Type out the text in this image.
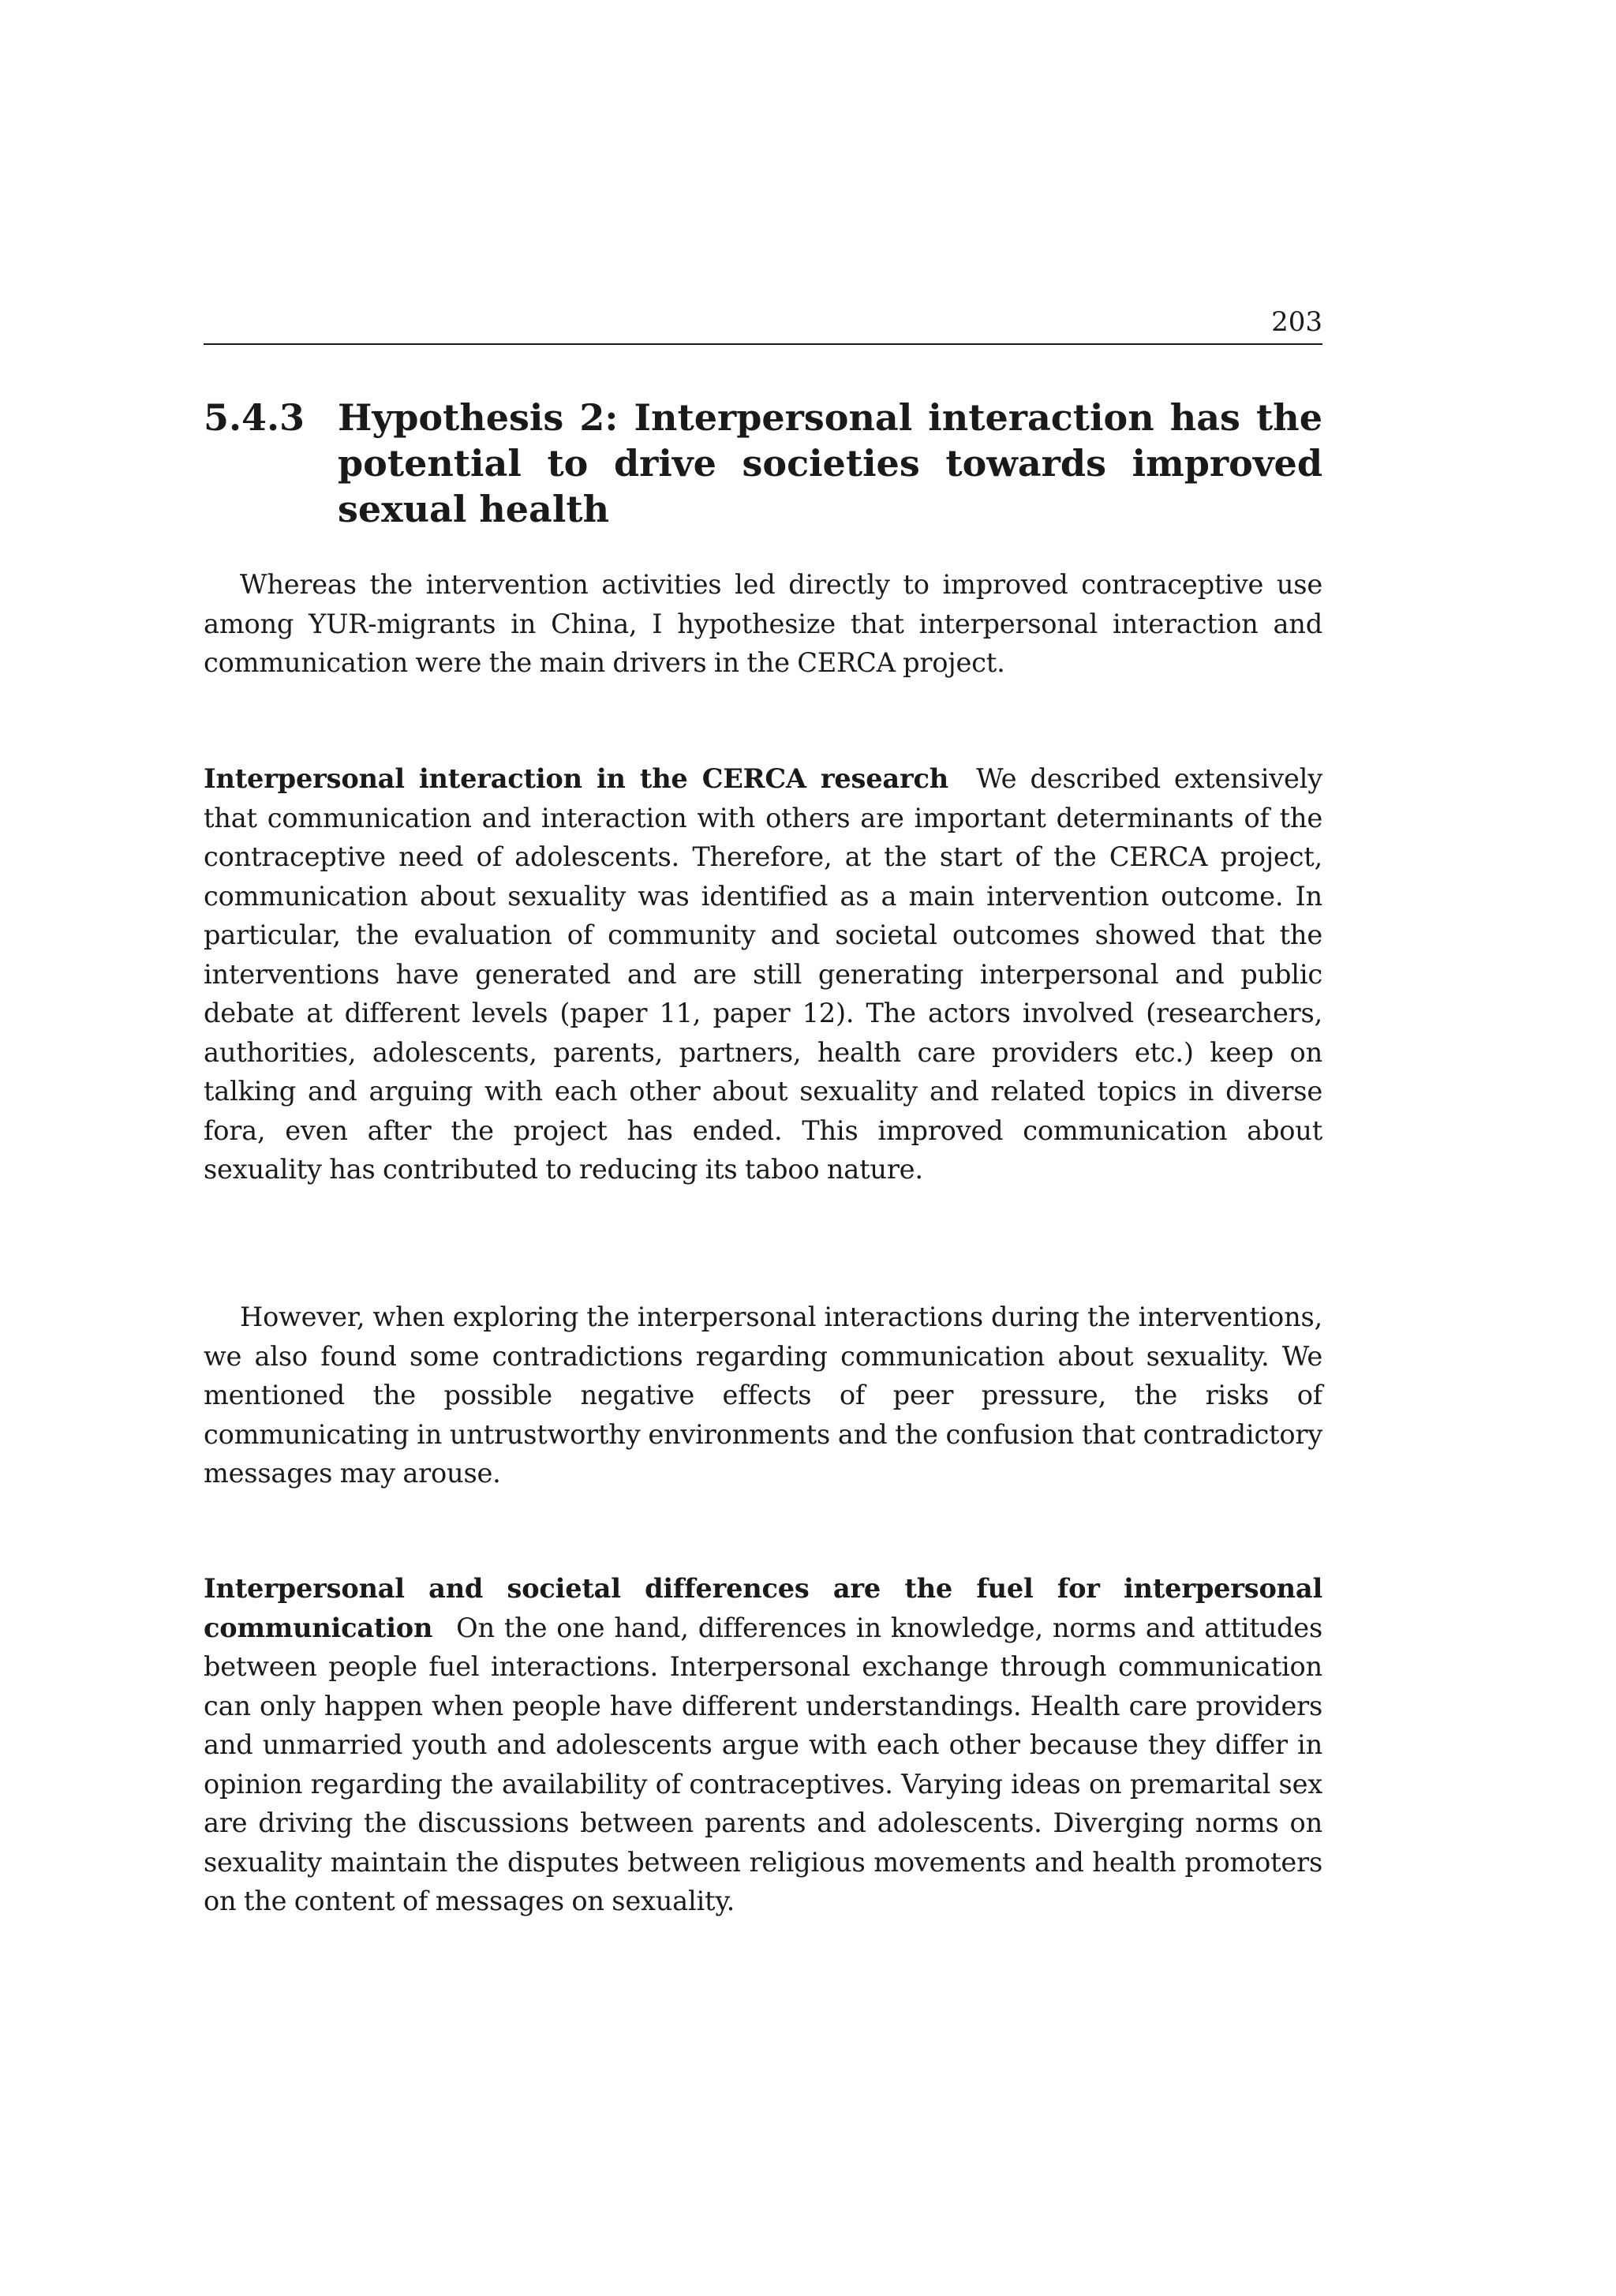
203
5.4.3 Hypothesis 2: Interpersonal interaction has the potential to drive societies towards improved sexual health

Whereas the intervention activities led directly to improved contraceptive use among YUR-migrants in China, I hypothesize that interpersonal interaction and communication were the main drivers in the CERCA project.

Interpersonal interaction in the CERCA research We described extensively that communication and interaction with others are important determinants of the contraceptive need of adolescents. Therefore, at the start of the CERCA project, communication about sexuality was identified as a main intervention outcome. In particular, the evaluation of community and societal outcomes showed that the interventions have generated and are still generating interpersonal and public debate at different levels (paper 11, paper 12). The actors involved (researchers, authorities, adolescents, parents, partners, health care providers etc.) keep on talking and arguing with each other about sexuality and related topics in diverse fora, even after the project has ended. This improved communication about sexuality has contributed to reducing its taboo nature.

However, when exploring the interpersonal interactions during the interventions, we also found some contradictions regarding communication about sexuality. We mentioned the possible negative effects of peer pressure, the risks of communicating in untrustworthy environments and the confusion that contradictory messages may arouse.

Interpersonal and societal differences are the fuel for interpersonal communication On the one hand, differences in knowledge, norms and attitudes between people fuel interactions. Interpersonal exchange through communication can only happen when people have different understandings. Health care providers and unmarried youth and adolescents argue with each other because they differ in opinion regarding the availability of contraceptives. Varying ideas on premarital sex are driving the discussions between parents and adolescents. Diverging norms on sexuality maintain the disputes between religious movements and health promoters on the content of messages on sexuality.
